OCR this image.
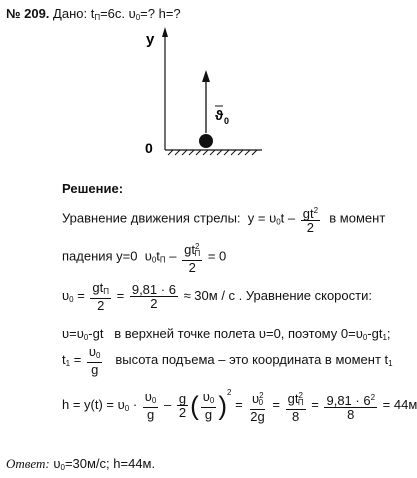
№ 209. Дано: $t_П=6с$. $\upsilon_0=$? h=?
y
0
ϑ 0
Решение:
Уравнение движения стрелы: $y = \upsilon_0t - \frac{gt^2}{2}$ в момент
падения y=0 $\upsilon_0t_П - \frac{gt^2_П}{2} = 0$
$\upsilon_0 = \frac{gt_П}{2} = \frac{9,81 \cdot 6}{2} \approx 30м / с$ . Уравнение скорости:
$\upsilon=\upsilon_0-gt$   в верхней точке полета υ=0, поэтому $0=\upsilon_0-gt_1$;
$t_1 = \frac{\upsilon_0}{g}$ высота подъема – это координата в момент $t_1$
$h = y(t) = \upsilon_0 \cdot \frac{\upsilon_0}{g} - \frac{g}{2}$ ( $\frac{\upsilon_0}{g} )^2 = \frac{\upsilon^2_0}{2g} = \frac{gt^2_П}{8} = \frac{9,81 \cdot 6^2}{8} = 44м$
Ответ: $\upsilon_0=30м/с$; h=44м.
